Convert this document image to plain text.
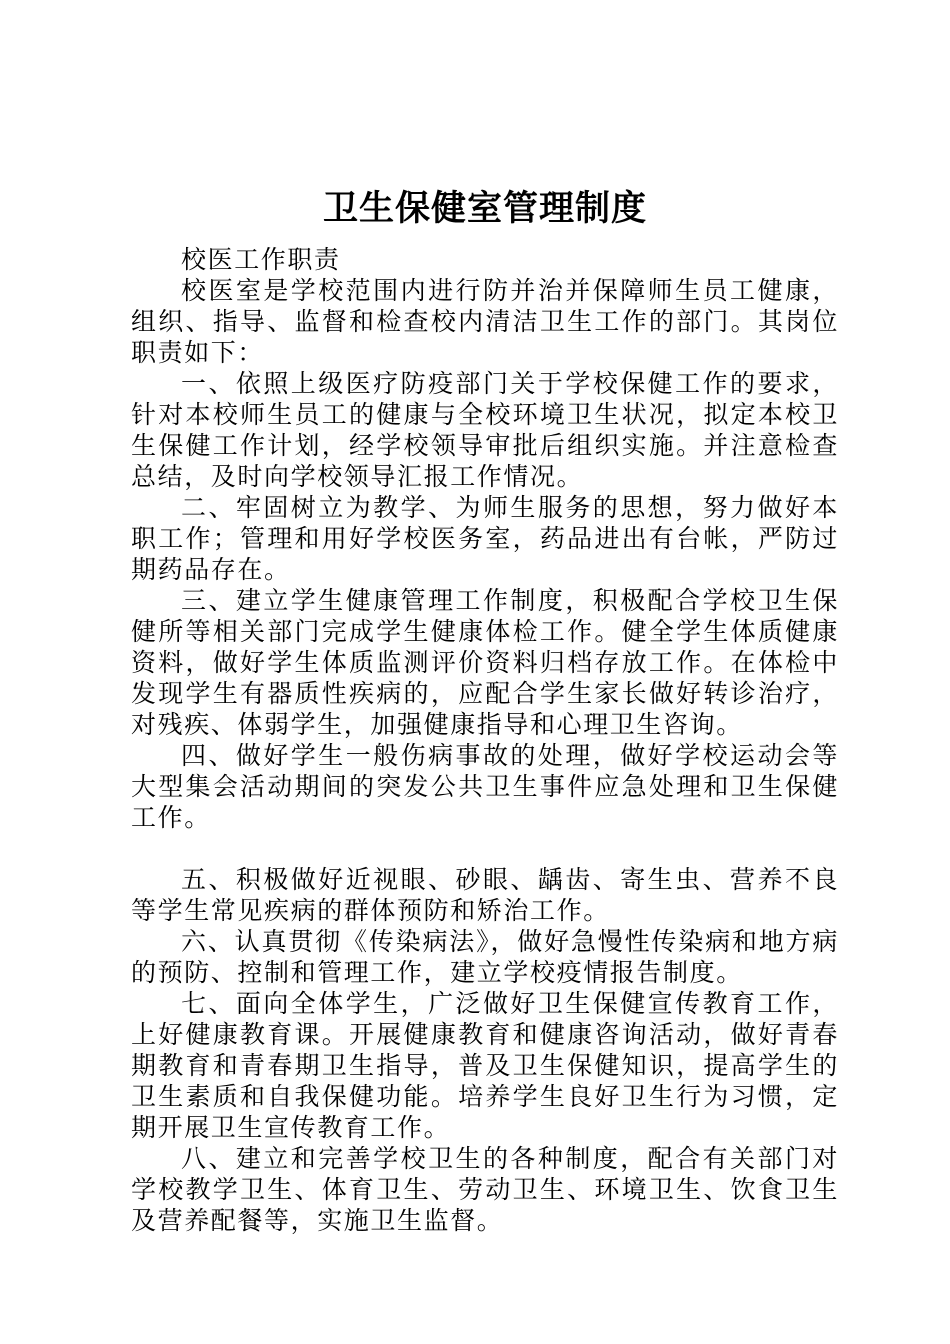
卫生保健室管理制度

校医工作职责

校医室是学校范围内进行防并治并保障师生员工健康，组织、指导、监督和检查校内清洁卫生工作的部门。其岗位职责如下：

一、依照上级医疗防疫部门关于学校保健工作的要求，针对本校师生员工的健康与全校环境卫生状况，拟定本校卫生保健工作计划，经学校领导审批后组织实施。并注意检查总结，及时向学校领导汇报工作情况。

二、牢固树立为教学、为师生服务的思想，努力做好本职工作；管理和用好学校医务室，药品进出有台帐，严防过期药品存在。

三、建立学生健康管理工作制度，积极配合学校卫生保健所等相关部门完成学生健康体检工作。健全学生体质健康资料，做好学生体质监测评价资料归档存放工作。在体检中发现学生有器质性疾病的，应配合学生家长做好转诊治疗，对残疾、体弱学生，加强健康指导和心理卫生咨询。

四、做好学生一般伤病事故的处理，做好学校运动会等大型集会活动期间的突发公共卫生事件应急处理和卫生保健工作。

五、积极做好近视眼、砂眼、龋齿、寄生虫、营养不良等学生常见疾病的群体预防和矫治工作。

六、认真贯彻《传染病法》，做好急慢性传染病和地方病的预防、控制和管理工作，建立学校疫情报告制度。

七、面向全体学生，广泛做好卫生保健宣传教育工作，上好健康教育课。开展健康教育和健康咨询活动，做好青春期教育和青春期卫生指导，普及卫生保健知识，提高学生的卫生素质和自我保健功能。培养学生良好卫生行为习惯，定期开展卫生宣传教育工作。

八、建立和完善学校卫生的各种制度，配合有关部门对学校教学卫生、体育卫生、劳动卫生、环境卫生、饮食卫生及营养配餐等，实施卫生监督。
